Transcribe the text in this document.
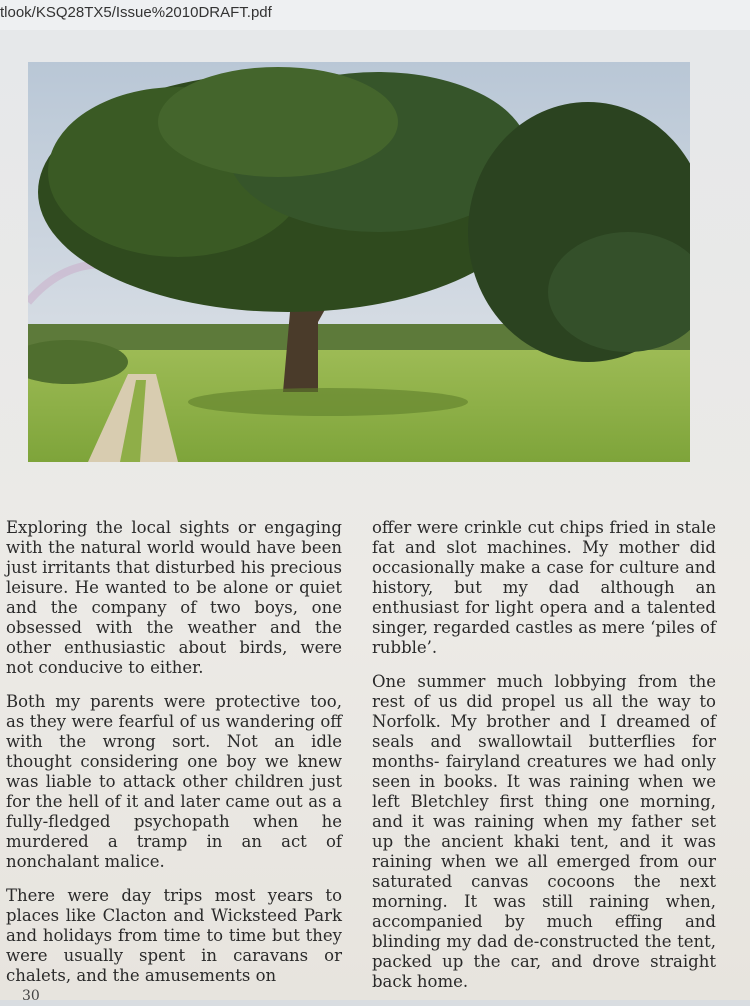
tlook/KSQ28TX5/Issue%2010DRAFT.pdf

Exploring the local sights or engaging with the natural world would have been just irritants that disturbed his precious leisure. He wanted to be alone or quiet and the company of two boys, one obsessed with the weather and the other enthusiastic about birds, were not conducive to either.

Both my parents were protective too, as they were fearful of us wandering off with the wrong sort. Not an idle thought considering one boy we knew was liable to attack other children just for the hell of it and later came out as a fully-fledged psychopath when he murdered a tramp in an act of nonchalant malice.

There were day trips most years to places like Clacton and Wicksteed Park and holidays from time to time but they were usually spent in caravans or chalets, and the amusements on

offer were crinkle cut chips fried in stale fat and slot machines. My mother did occasionally make a case for culture and history, but my dad although an enthusiast for light opera and a talented singer, regarded castles as mere ‘piles of rubble’.

One summer much lobbying from the rest of us did propel us all the way to Norfolk. My brother and I dreamed of seals and swallowtail butterflies for months- fairyland creatures we had only seen in books. It was raining when we left Bletchley first thing one morning, and it was raining when my father set up the ancient khaki tent, and it was raining when we all emerged from our saturated canvas cocoons the next morning. It was still raining when, accompanied by much effing and blinding my dad de-constructed the tent, packed up the car, and drove straight back home.

30
